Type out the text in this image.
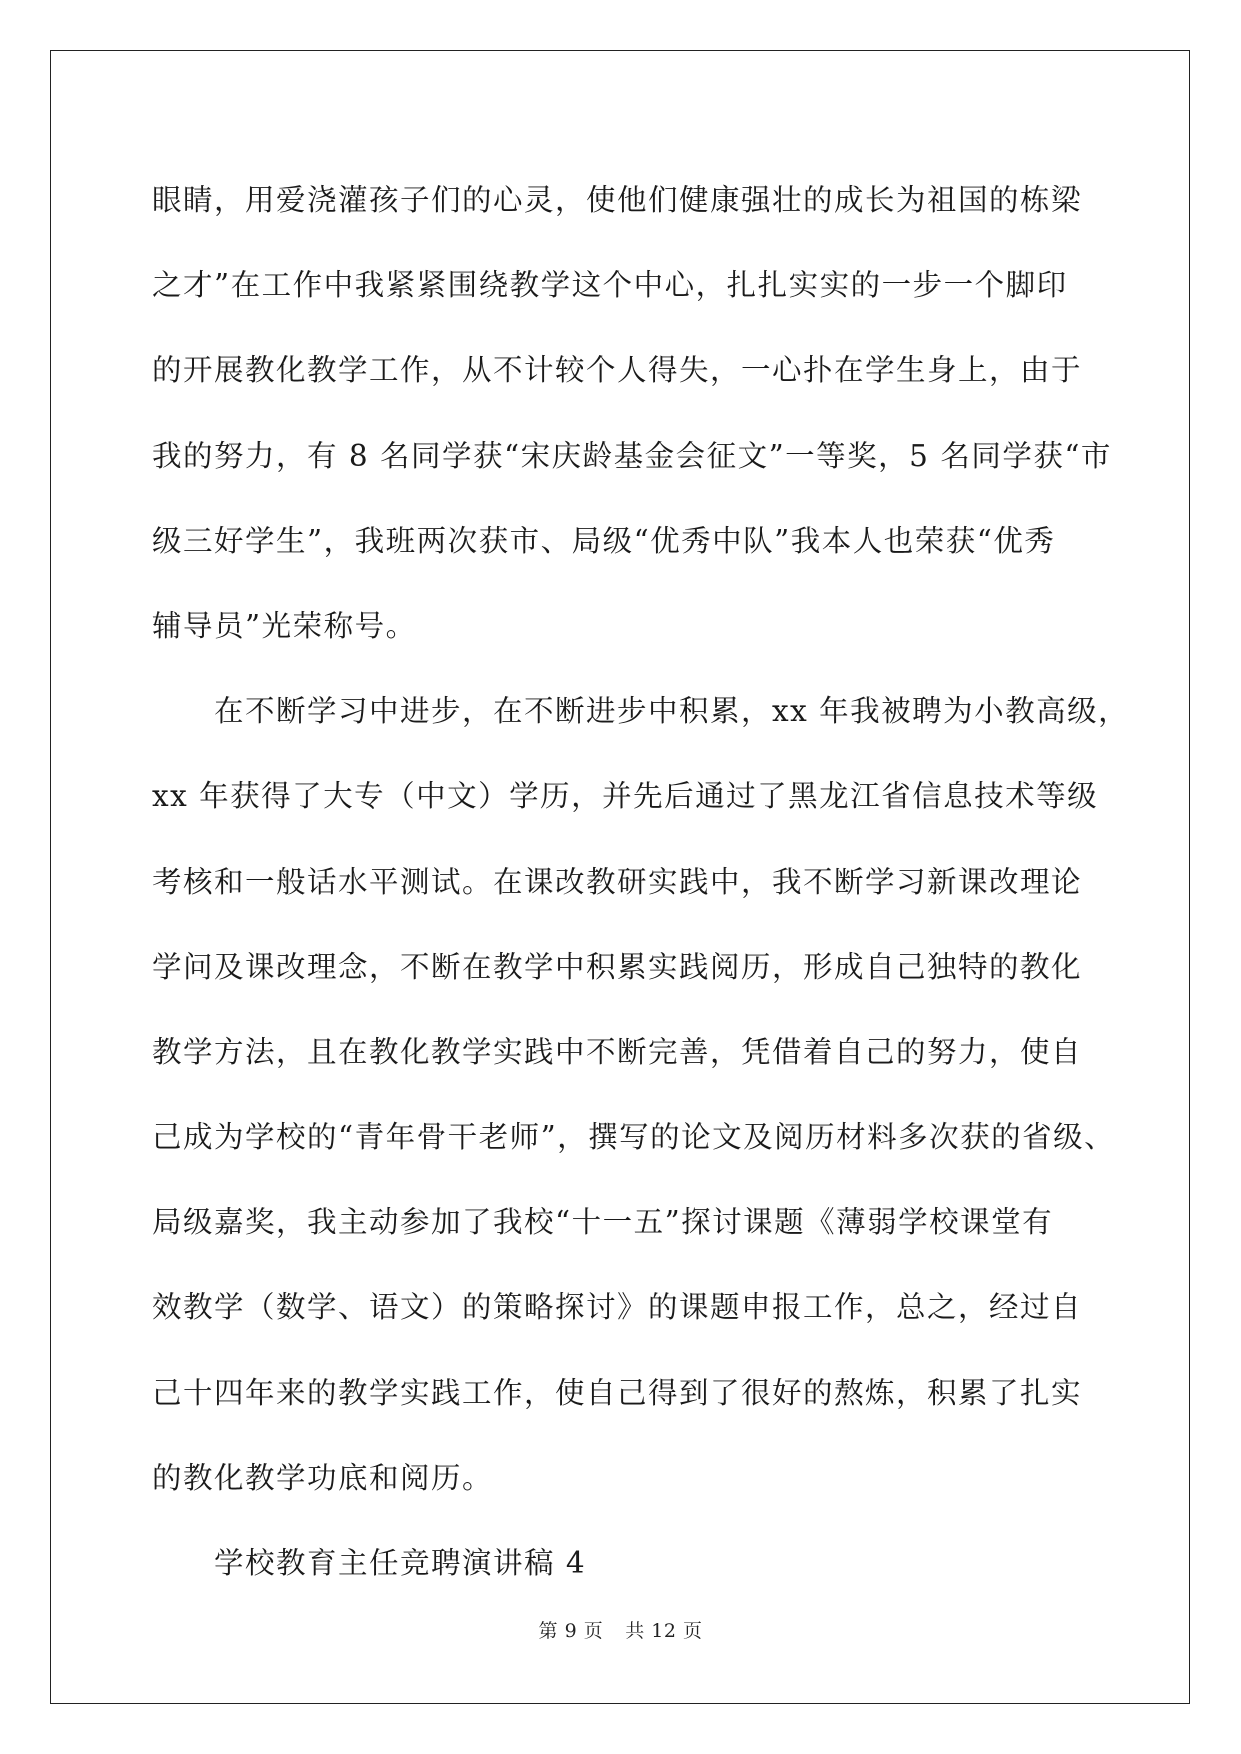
眼睛，用爱浇灌孩子们的心灵，使他们健康强壮的成长为祖国的栋梁
之才”在工作中我紧紧围绕教学这个中心，扎扎实实的一步一个脚印
的开展教化教学工作，从不计较个人得失，一心扑在学生身上，由于
我的努力，有 8 名同学获“宋庆龄基金会征文”一等奖，5 名同学获“市
级三好学生”，我班两次获市、局级“优秀中队”我本人也荣获“优秀
辅导员”光荣称号。
在不断学习中进步，在不断进步中积累，xx 年我被聘为小教高级，
xx 年获得了大专（中文）学历，并先后通过了黑龙江省信息技术等级
考核和一般话水平测试。在课改教研实践中，我不断学习新课改理论
学问及课改理念，不断在教学中积累实践阅历，形成自己独特的教化
教学方法，且在教化教学实践中不断完善，凭借着自己的努力，使自
己成为学校的“青年骨干老师”，撰写的论文及阅历材料多次获的省级、
局级嘉奖，我主动参加了我校“十一五”探讨课题《薄弱学校课堂有
效教学（数学、语文）的策略探讨》的课题申报工作，总之，经过自
己十四年来的教学实践工作，使自己得到了很好的熬炼，积累了扎实
的教化教学功底和阅历。
学校教育主任竞聘演讲稿 4
第 9 页 共 12 页
